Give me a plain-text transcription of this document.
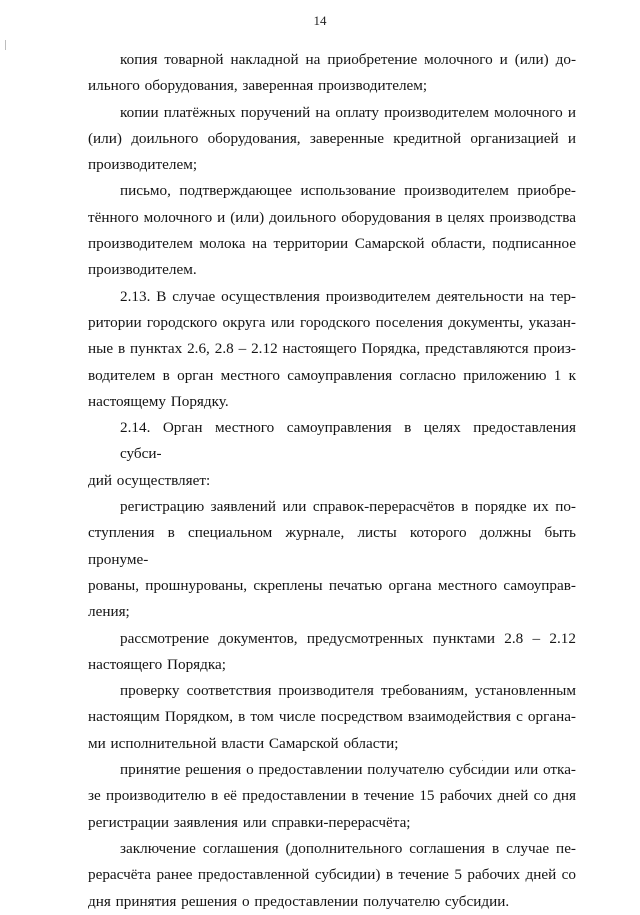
14
копия товарной накладной на приобретение молочного и (или) до-
ильного оборудования, заверенная производителем;
копии платёжных поручений на оплату производителем молочного и
(или) доильного оборудования, заверенные кредитной организацией и
производителем;
письмо, подтверждающее использование производителем приобре-
тённого молочного и (или) доильного оборудования в целях производства
производителем молока на территории Самарской области, подписанное
производителем.
2.13. В случае осуществления производителем деятельности на тер-
ритории городского округа или городского поселения документы, указан-
ные в пунктах 2.6, 2.8 – 2.12 настоящего Порядка, представляются произ-
водителем в орган местного самоуправления согласно приложению 1 к
настоящему Порядку.
2.14. Орган местного самоуправления в целях предоставления субси-
дий осуществляет:
регистрацию заявлений или справок-перерасчётов в порядке их по-
ступления в специальном журнале, листы которого должны быть пронуме-
рованы, прошнурованы, скреплены печатью органа местного самоуправ-
ления;
рассмотрение документов, предусмотренных пунктами 2.8 – 2.12
настоящего Порядка;
проверку соответствия производителя требованиям, установленным
настоящим Порядком, в том числе посредством взаимодействия с органа-
ми исполнительной власти Самарской области;
принятие решения о предоставлении получателю субсидии или отка-
зе производителю в её предоставлении в течение 15 рабочих дней со дня
регистрации заявления или справки-перерасчёта;
заключение соглашения (дополнительного соглашения в случае пе-
рерасчёта ранее предоставленной субсидии) в течение 5 рабочих дней со
дня принятия решения о предоставлении получателю субсидии.
